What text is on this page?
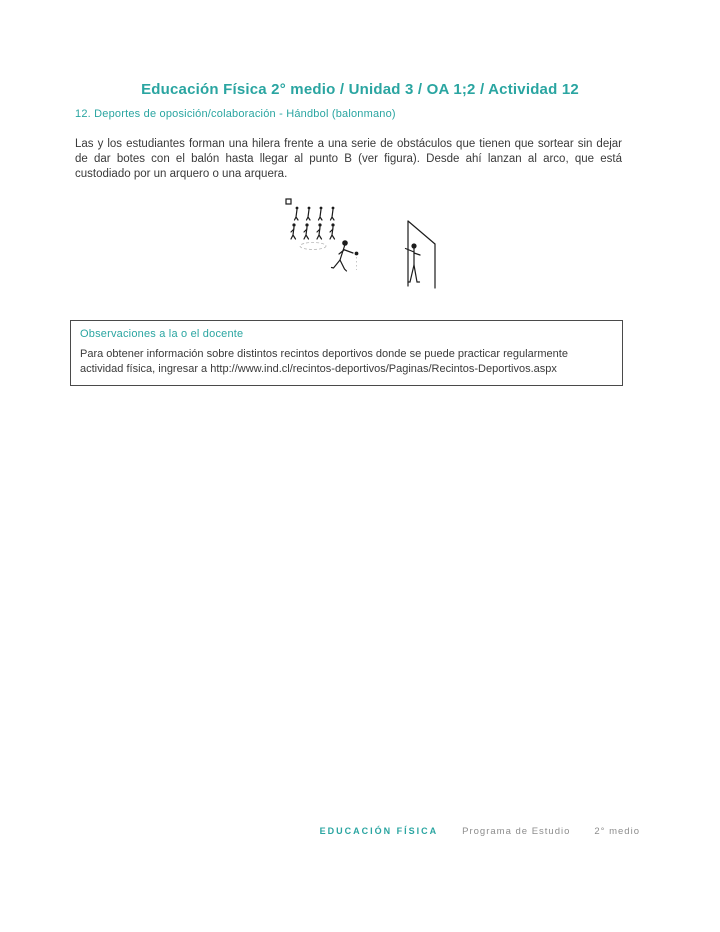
Educación Física 2° medio / Unidad 3 / OA 1;2 / Actividad 12
12. Deportes de oposición/colaboración - Hándbol (balonmano)

Las y los estudiantes forman una hilera frente a una serie de obstáculos que tienen que sortear sin dejar de dar botes con el balón hasta llegar al punto B (ver figura). Desde ahí lanzan al arco, que está custodiado por un arquero o una arquera.

Observaciones a la o el docente
Para obtener información sobre distintos recintos deportivos donde se puede practicar regularmente actividad física, ingresar a http://www.ind.cl/recintos-deportivos/Paginas/Recintos-Deportivos.aspx
EDUCACIÓN FÍSICA	Programa de Estudio	2° medio
